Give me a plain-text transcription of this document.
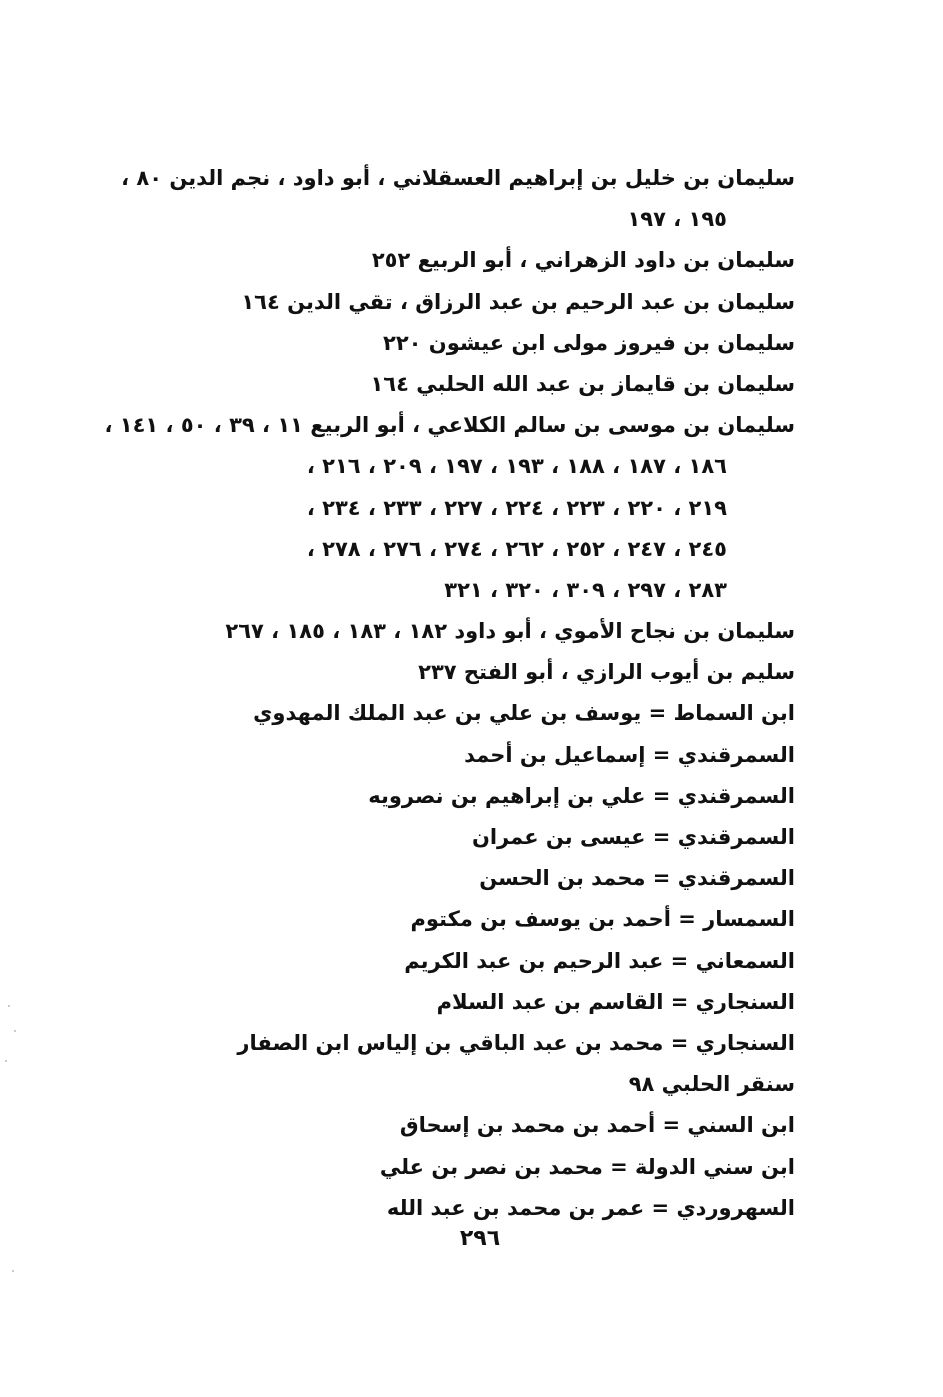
سليمان بن خليل بن إبراهيم العسقلاني ، أبو داود ، نجم الدين ٨٠ ،
١٩٥ ، ١٩٧
سليمان بن داود الزهراني ، أبو الربيع ٢٥٢
سليمان بن عبد الرحيم بن عبد الرزاق ، تقي الدين ١٦٤
سليمان بن فيروز مولى ابن عيشون ٢٢٠
سليمان بن قايماز بن عبد الله الحلبي ١٦٤
سليمان بن موسى بن سالم الكلاعي ، أبو الربيع ١١ ، ٣٩ ، ٥٠ ، ١٤١ ،
١٨٦ ، ١٨٧ ، ١٨٨ ، ١٩٣ ، ١٩٧ ، ٢٠٩ ، ٢١٦ ،
٢١٩ ، ٢٢٠ ، ٢٢٣ ، ٢٢٤ ، ٢٢٧ ، ٢٣٣ ، ٢٣٤ ،
٢٤٥ ، ٢٤٧ ، ٢٥٢ ، ٢٦٢ ، ٢٧٤ ، ٢٧٦ ، ٢٧٨ ،
٢٨٣ ، ٢٩٧ ، ٣٠٩ ، ٣٢٠ ، ٣٢١
سليمان بن نجاح الأموي ، أبو داود ١٨٢ ، ١٨٣ ، ١٨٥ ، ٢٦٧
سليم بن أيوب الرازي ، أبو الفتح ٢٣٧
ابن السماط = يوسف بن علي بن عبد الملك المهدوي
السمرقندي = إسماعيل بن أحمد
السمرقندي = علي بن إبراهيم بن نصرويه
السمرقندي = عيسى بن عمران
السمرقندي = محمد بن الحسن
السمسار = أحمد بن يوسف بن مكتوم
السمعاني = عبد الرحيم بن عبد الكريم
السنجاري = القاسم بن عبد السلام
السنجاري = محمد بن عبد الباقي بن إلياس ابن الصفار
سنقر الحلبي ٩٨
ابن السني = أحمد بن محمد بن إسحاق
ابن سني الدولة = محمد بن نصر بن علي
السهروردي = عمر بن محمد بن عبد الله
٢٩٦
